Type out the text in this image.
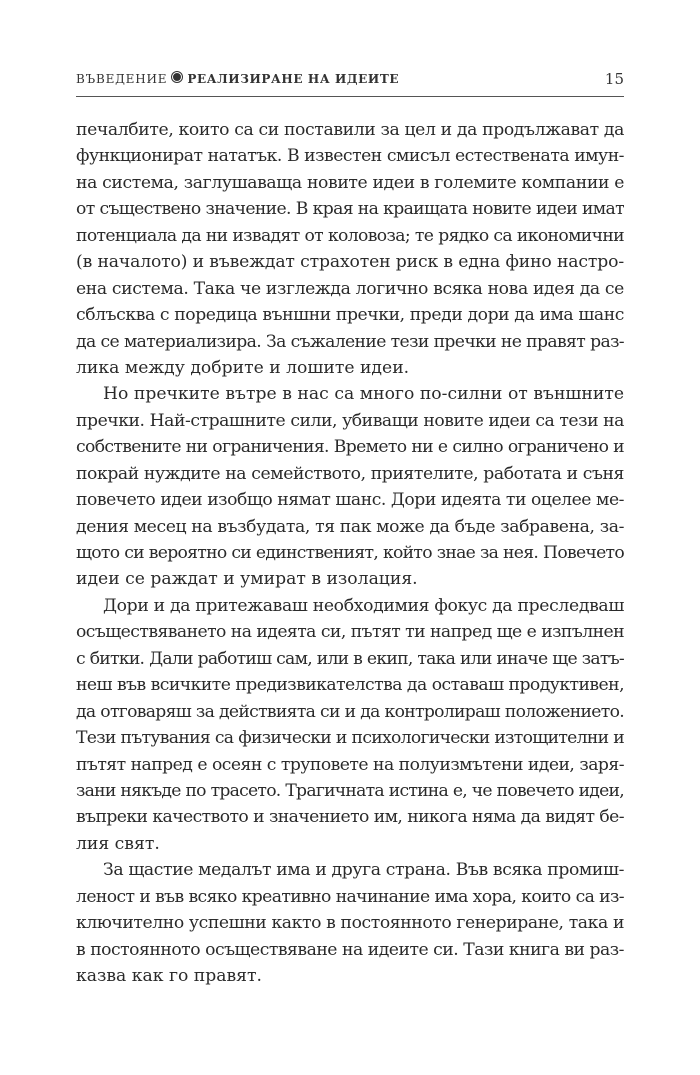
ВЪВЕДЕНИЕ РЕАЛИЗИРАНЕ НА ИДЕИТЕ	15
печалбите, които са си поставили за цел и да продължават да
функционират нататък. В известен смисъл естествената имун-
на система, заглушаваща новите идеи в големите компании е
от съществено значение. В края на краищата новите идеи имат
потенциала да ни извадят от коловоза; те рядко са икономични
(в началото) и въвеждат страхотен риск в една фино настро-
ена система. Така че изглежда логично всяка нова идея да се
сблъсква с поредица външни пречки, преди дори да има шанс
да се материализира. За съжаление тези пречки не правят раз-
лика между добрите и лошите идеи.
Но пречките вътре в нас са много по-силни от външните
пречки. Най-страшните сили, убиващи новите идеи са тези на
собствените ни ограничения. Времето ни е силно ограничено и
покрай нуждите на семейството, приятелите, работата и съня
повечето идеи изобщо нямат шанс. Дори идеята ти оцелее ме-
дения месец на възбудата, тя пак може да бъде забравена, за-
щото си вероятно си единственият, който знае за нея. Повечето
идеи се раждат и умират в изолация.
Дори и да притежаваш необходимия фокус да преследваш
осъществяването на идеята си, пътят ти напред ще е изпълнен
с битки. Дали работиш сам, или в екип, така или иначе ще затъ-
неш във всичките предизвикателства да оставаш продуктивен,
да отговаряш за действията си и да контролираш положението.
Тези пътувания са физически и психологически изтощителни и
пътят напред е осеян с труповете на полуизмътени идеи, заря-
зани някъде по трасето. Трагичната истина е, че повечето идеи,
въпреки качеството и значението им, никога няма да видят бе-
лия свят.
За щастие медалът има и друга страна. Във всяка промиш-
леност и във всяко креативно начинание има хора, които са из-
ключително успешни както в постоянното генериране, така и
в постоянното осъществяване на идеите си. Тази книга ви раз-
казва как го правят.
